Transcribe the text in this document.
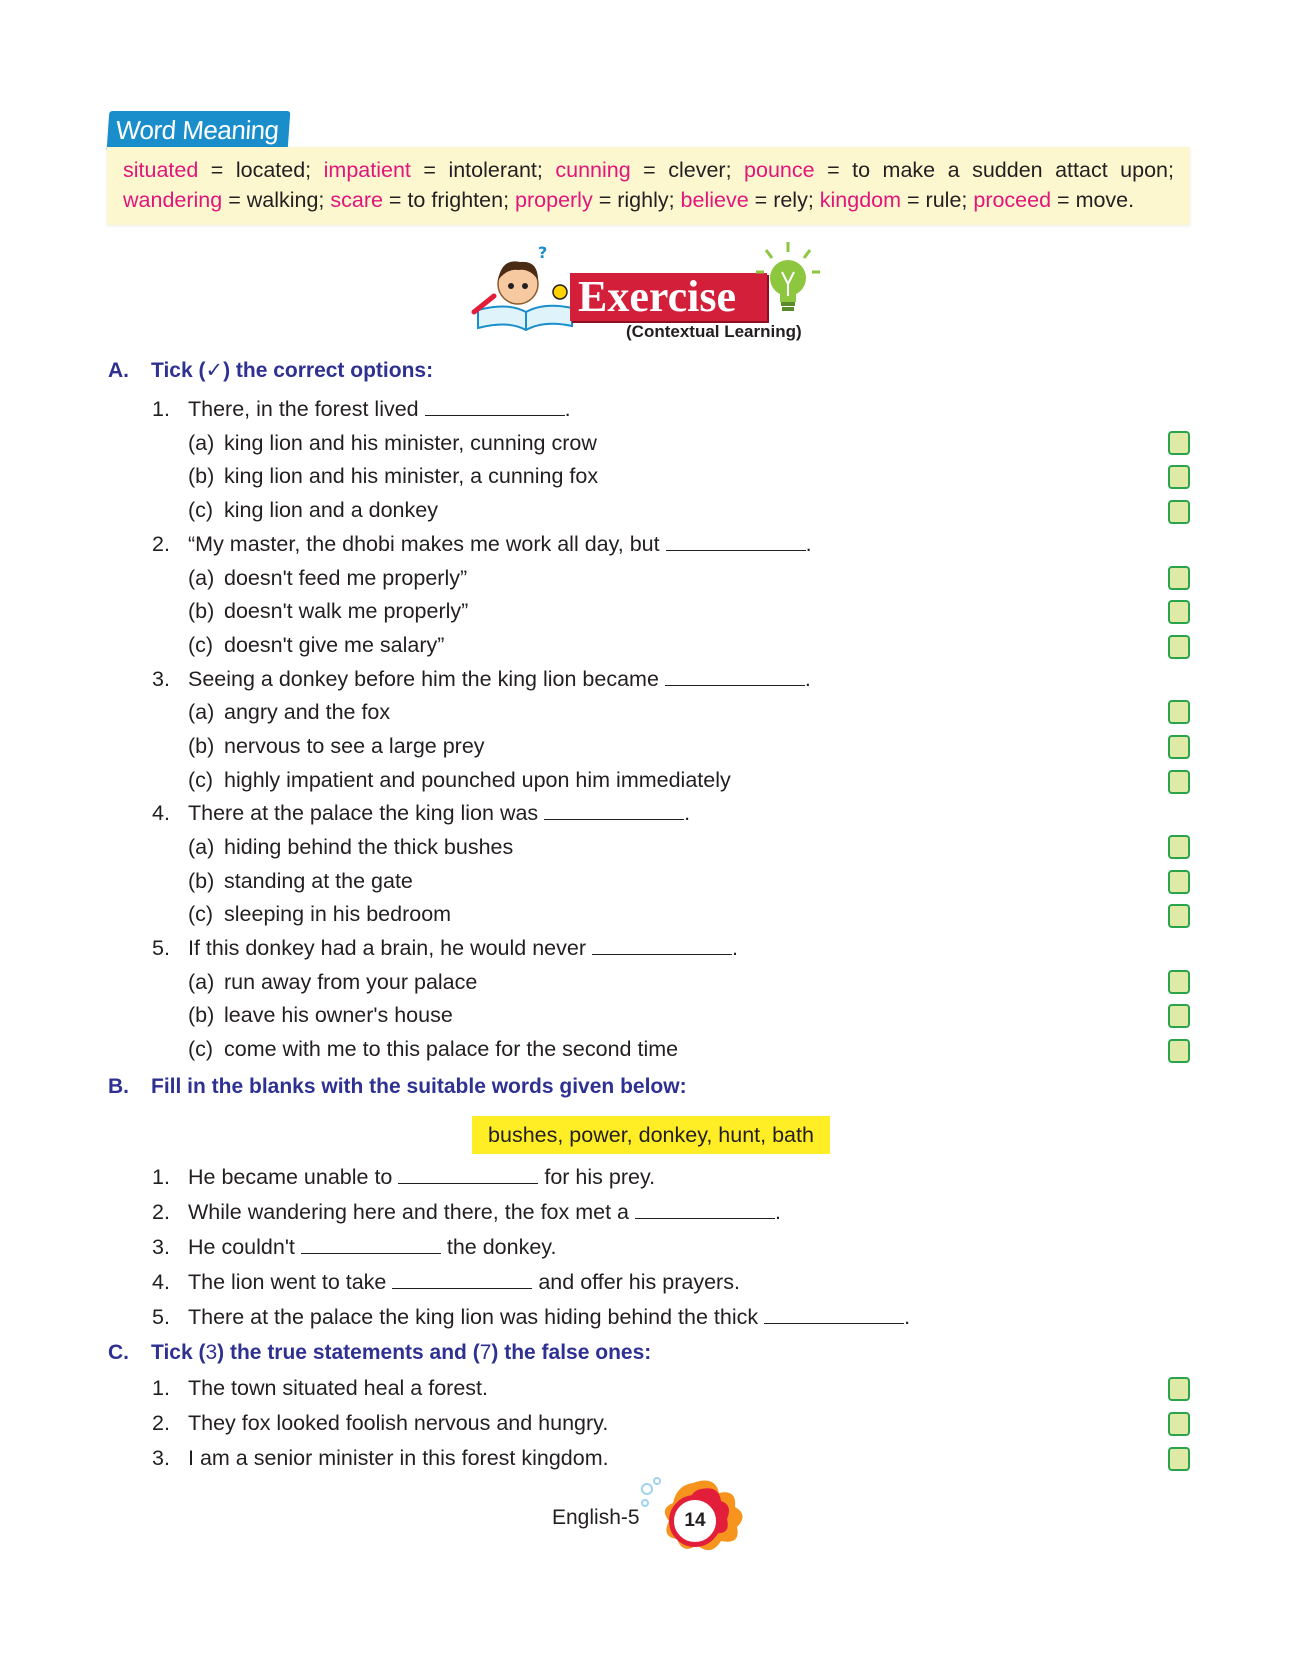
Word Meaning
situated = located; impatient = intolerant; cunning = clever; pounce = to make a sudden attact upon;
wandering = walking; scare = to frighten; properly = righly; believe = rely; kingdom = rule; proceed = move.
?
Exercise
(Contextual Learning)
A. Tick (✓) the correct options:
1. There, in the forest lived	.
(a) king lion and his minister, cunning crow
(b) king lion and his minister, a cunning fox
(c) king lion and a donkey
2. “My master, the dhobi makes me work all day, but	.
(a) doesn't feed me properly”
(b) doesn't walk me properly”
(c) doesn't give me salary”
3. Seeing a donkey before him the king lion became	.
(a) angry and the fox
(b) nervous to see a large prey
(c) highly impatient and pounched upon him immediately
4. There at the palace the king lion was	.
(a) hiding behind the thick bushes
(b) standing at the gate
(c) sleeping in his bedroom
5. If this donkey had a brain, he would never	.
(a) run away from your palace
(b) leave his owner's house
(c) come with me to this palace for the second time
B. Fill in the blanks with the suitable words given below:
bushes, power, donkey, hunt, bath
1. He became unable to	for his prey.
2. While wandering here and there, the fox met a	.
3. He couldn't	the donkey.
4. The lion went to take	and offer his prayers.
5. There at the palace the king lion was hiding behind the thick	.
C. Tick (3) the true statements and (7) the false ones:
1. The town situated heal a forest.
2. They fox looked foolish nervous and hungry.
3. I am a senior minister in this forest kingdom.
English-5	14
